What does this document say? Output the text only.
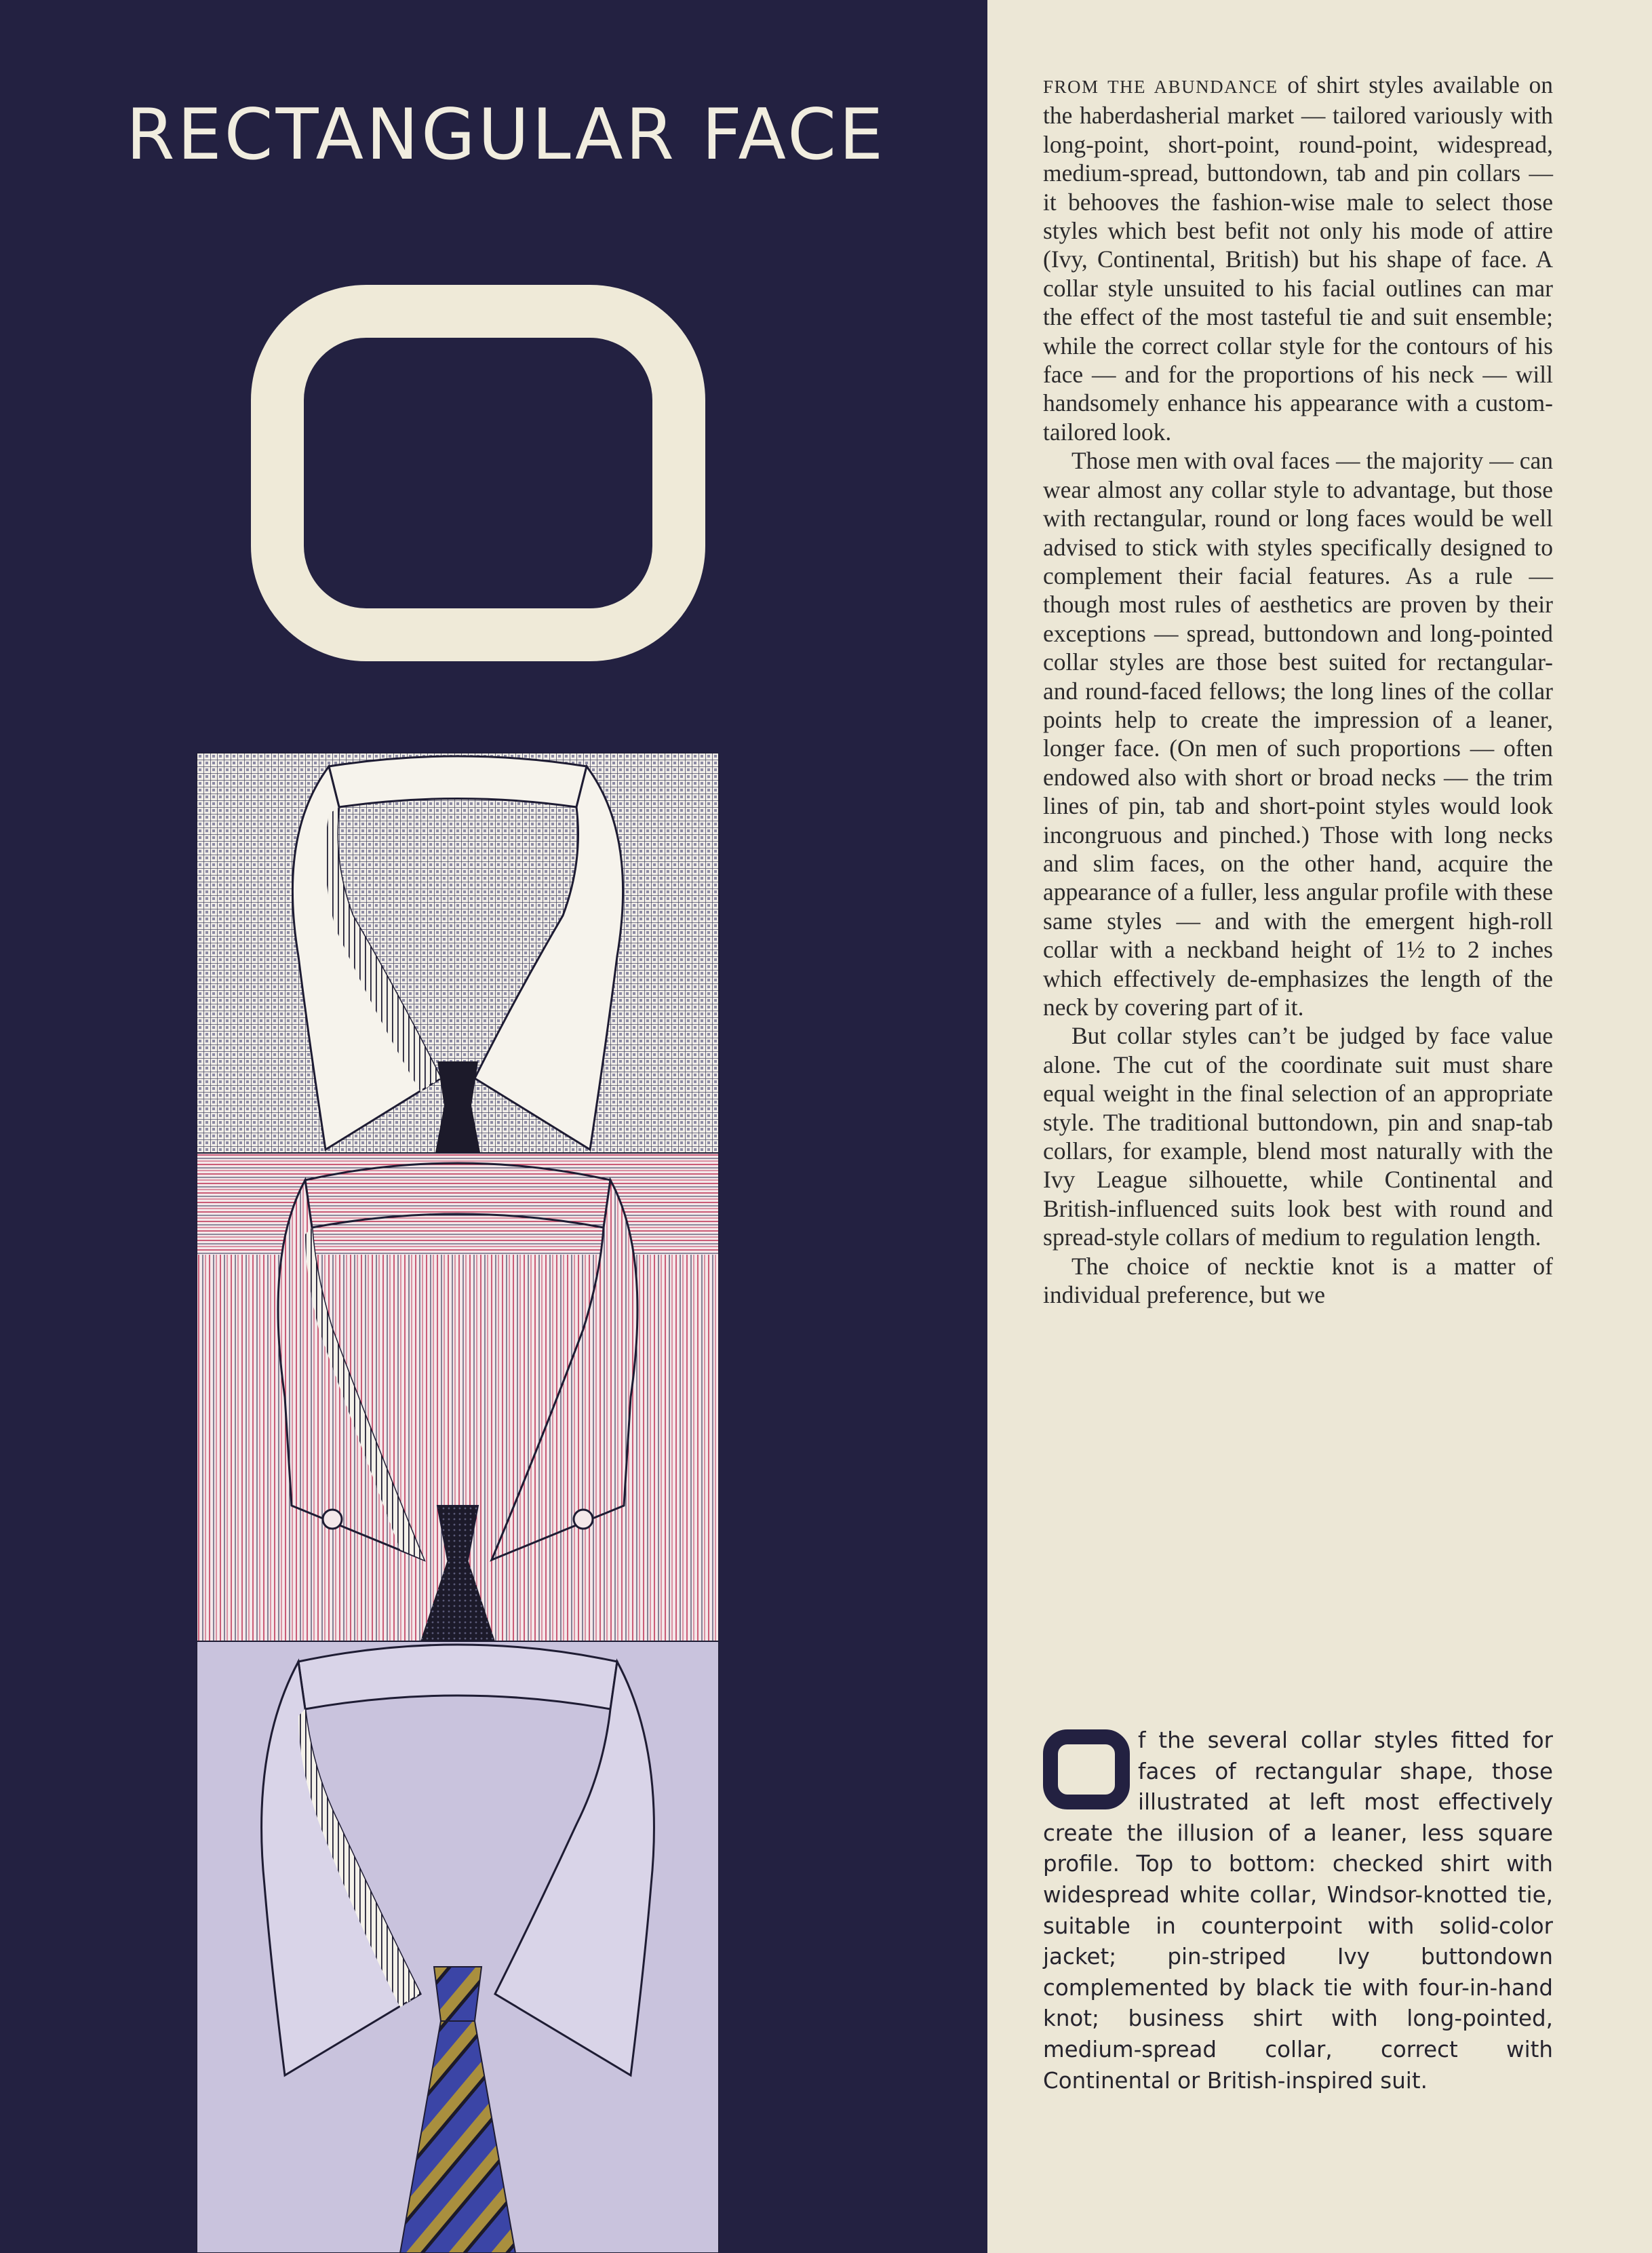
RECTANGULAR FACE

FROM THE ABUNDANCE of shirt styles available on the haberdasherial market — tailored variously with long-point, short-point, round-point, widespread, medium-spread, buttondown, tab and pin collars — it behooves the fashion-wise male to select those styles which best befit not only his mode of attire (Ivy, Continental, British) but his shape of face. A collar style unsuited to his facial outlines can mar the effect of the most tasteful tie and suit ensemble; while the correct collar style for the contours of his face — and for the proportions of his neck — will handsomely enhance his appearance with a custom-tailored look.

Those men with oval faces — the majority — can wear almost any collar style to advantage, but those with rectangular, round or long faces would be well advised to stick with styles specifically designed to complement their facial features. As a rule — though most rules of aesthetics are proven by their exceptions — spread, buttondown and long-pointed collar styles are those best suited for rectangular- and round-faced fellows; the long lines of the collar points help to create the impression of a leaner, longer face. (On men of such proportions — often endowed also with short or broad necks — the trim lines of pin, tab and short-point styles would look incongruous and pinched.) Those with long necks and slim faces, on the other hand, acquire the appearance of a fuller, less angular profile with these same styles — and with the emergent high-roll collar with a neckband height of 1½ to 2 inches which effectively de-emphasizes the length of the neck by covering part of it.

But collar styles can’t be judged by face value alone. The cut of the coordinate suit must share equal weight in the final selection of an appropriate style. The traditional buttondown, pin and snap-tab collars, for example, blend most naturally with the Ivy League silhouette, while Continental and British-influenced suits look best with round and spread-style collars of medium to regulation length.

The choice of necktie knot is a matter of individual preference, but we

f the several collar styles fitted for faces of rectangular shape, those illustrated at left most effectively create the illusion of a leaner, less square profile. Top to bottom: checked shirt with widespread white collar, Windsor-knotted tie, suitable in counterpoint with solid-color jacket; pin-striped Ivy buttondown complemented by black tie with four-in-hand knot; business shirt with long-pointed, medium-spread collar, correct with Continental or British-inspired suit.
